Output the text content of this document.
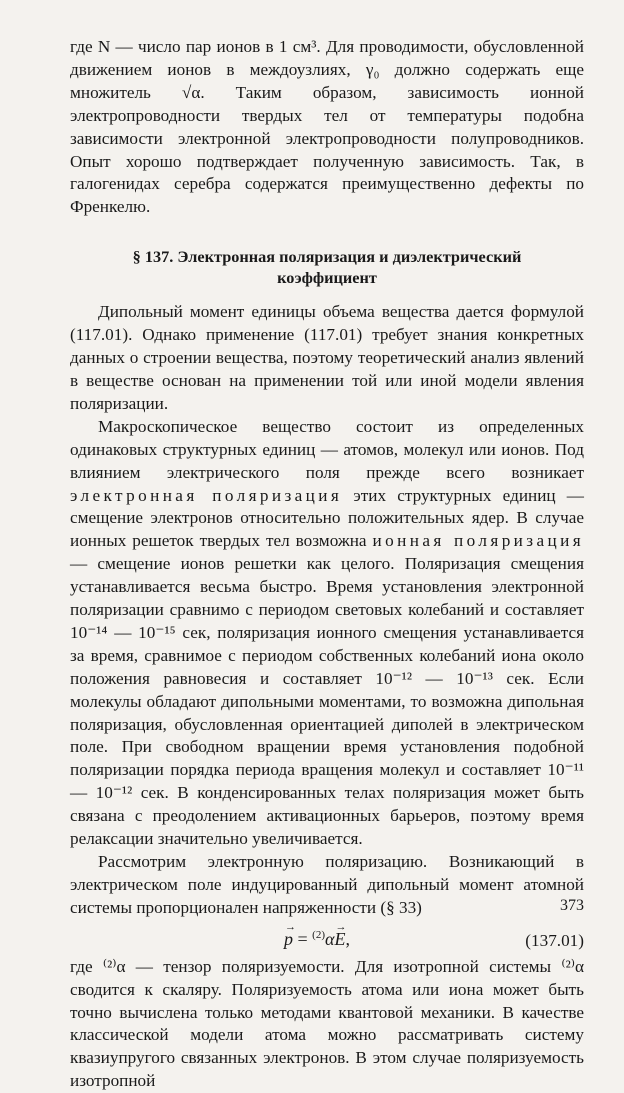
где N — число пар ионов в 1 см³. Для проводимости, обусловленной движением ионов в междоузлиях, γ₀ должно содержать еще множитель √α. Таким образом, зависимость ионной электропроводности твердых тел от температуры подобна зависимости электронной электропроводности полупроводников. Опыт хорошо подтверждает полученную зависимость. Так, в галогенидах серебра содержатся преимущественно дефекты по Френкелю.

§ 137. Электронная поляризация и диэлектрический коэффициент

Дипольный момент единицы объема вещества дается формулой (117.01). Однако применение (117.01) требует знания конкретных данных о строении вещества, поэтому теоретический анализ явлений в веществе основан на применении той или иной модели явления поляризации.

Макроскопическое вещество состоит из определенных одинаковых структурных единиц — атомов, молекул или ионов. Под влиянием электрического поля прежде всего возникает электронная поляризация этих структурных единиц — смещение электронов относительно положительных ядер. В случае ионных решеток твердых тел возможна ионная поляризация — смещение ионов решетки как целого. Поляризация смещения устанавливается весьма быстро. Время установления электронной поляризации сравнимо с периодом световых колебаний и составляет 10⁻¹⁴ — 10⁻¹⁵ сек, поляризация ионного смещения устанавливается за время, сравнимое с периодом собственных колебаний иона около положения равновесия и составляет 10⁻¹² — 10⁻¹³ сек. Если молекулы обладают дипольными моментами, то возможна дипольная поляризация, обусловленная ориентацией диполей в электрическом поле. При свободном вращении время установления подобной поляризации порядка периода вращения молекул и составляет 10⁻¹¹ — 10⁻¹² сек. В конденсированных телах поляризация может быть связана с преодолением активационных барьеров, поэтому время релаксации значительно увеличивается.

Рассмотрим электронную поляризацию. Возникающий в электрическом поле индуцированный дипольный момент атомной системы пропорционален напряженности (§ 33)

→ p = $^{(2)}$α→ E,	(137.01)

где ⁽²⁾α — тензор поляризуемости. Для изотропной системы ⁽²⁾α сводится к скаляру. Поляризуемость атома или иона может быть точно вычислена только методами квантовой механики. В качестве классической модели атома можно рассматривать систему квазиупругого связанных электронов. В этом случае поляризуемость изотропной

373
